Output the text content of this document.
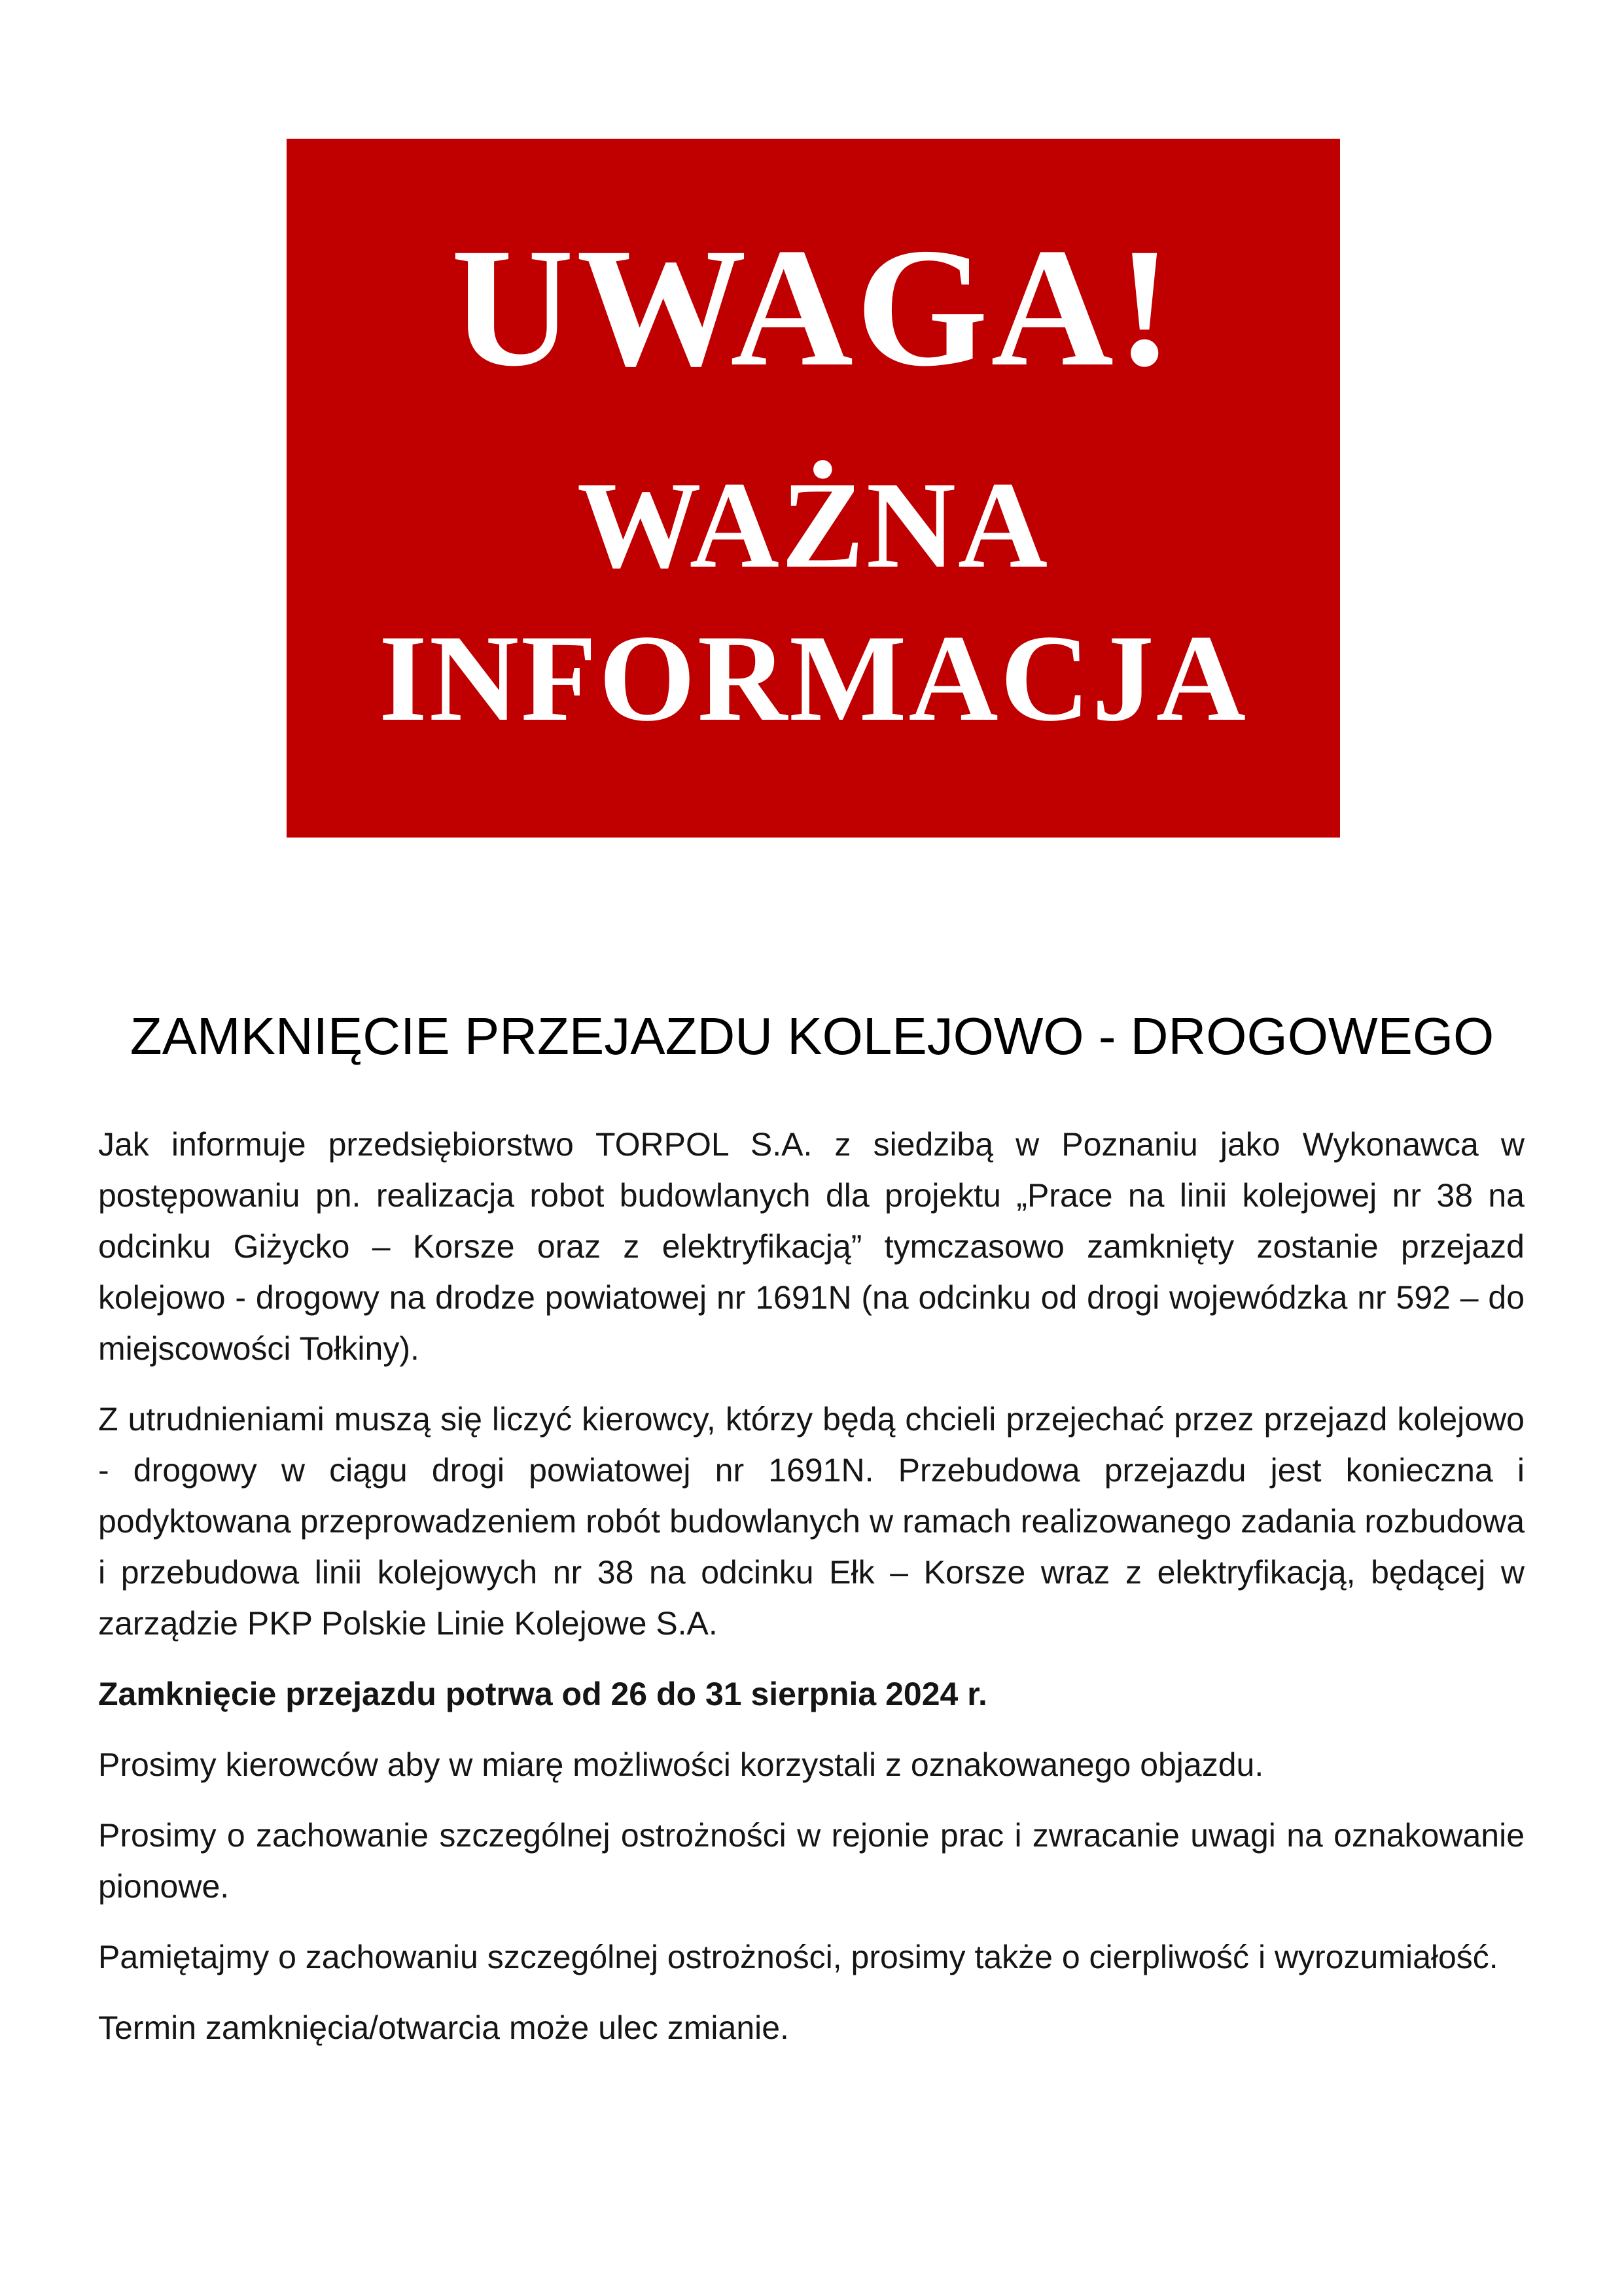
UWAGA!
WAŻNA
INFORMACJA
ZAMKNIĘCIE PRZEJAZDU KOLEJOWO - DROGOWEGO

Jak informuje przedsiębiorstwo TORPOL S.A. z siedzibą w Poznaniu jako Wykonawca w postępowaniu pn. realizacja robot budowlanych dla projektu „Prace na linii kolejowej nr 38 na odcinku Giżycko – Korsze oraz z elektryfikacją” tymczasowo zamknięty zostanie przejazd kolejowo - drogowy na drodze powiatowej nr 1691N (na odcinku od drogi wojewódzka nr 592 – do miejscowości Tołkiny).

Z utrudnieniami muszą się liczyć kierowcy, którzy będą chcieli przejechać przez przejazd kolejowo - drogowy w ciągu drogi powiatowej nr 1691N. Przebudowa przejazdu jest konieczna i podyktowana przeprowadzeniem robót budowlanych w ramach realizowanego zadania rozbudowa i przebudowa linii kolejowych nr 38 na odcinku Ełk – Korsze wraz z elektryfikacją, będącej w zarządzie PKP Polskie Linie Kolejowe S.A.

Zamknięcie przejazdu potrwa od 26 do 31 sierpnia 2024 r.

Prosimy kierowców aby w miarę możliwości korzystali z oznakowanego objazdu.

Prosimy o zachowanie szczególnej ostrożności w rejonie prac i zwracanie uwagi na oznakowanie pionowe.

Pamiętajmy o zachowaniu szczególnej ostrożności, prosimy także o cierpliwość i wyrozumiałość.

Termin zamknięcia/otwarcia może ulec zmianie.
